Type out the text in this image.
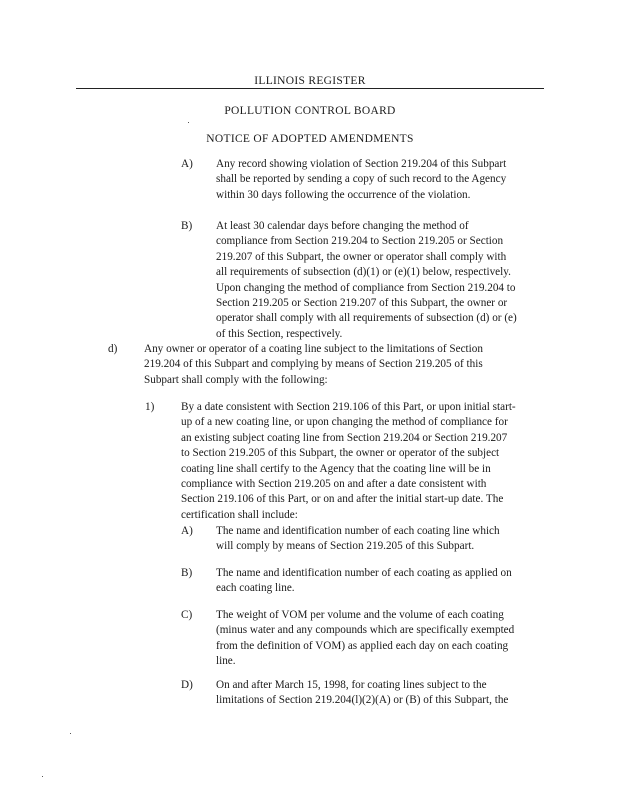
ILLINOIS REGISTER
POLLUTION CONTROL BOARD
NOTICE OF ADOPTED AMENDMENTS
A) Any record showing violation of Section 219.204 of this Subpart
shall be reported by sending a copy of such record to the Agency
within 30 days following the occurrence of the violation.
B) At least 30 calendar days before changing the method of
compliance from Section 219.204 to Section 219.205 or Section
219.207 of this Subpart, the owner or operator shall comply with
all requirements of subsection (d)(1) or (e)(1) below, respectively.
Upon changing the method of compliance from Section 219.204 to
Section 219.205 or Section 219.207 of this Subpart, the owner or
operator shall comply with all requirements of subsection (d) or (e)
of this Section, respectively.
d) Any owner or operator of a coating line subject to the limitations of Section
219.204 of this Subpart and complying by means of Section 219.205 of this
Subpart shall comply with the following:
1) By a date consistent with Section 219.106 of this Part, or upon initial start-
up of a new coating line, or upon changing the method of compliance for
an existing subject coating line from Section 219.204 or Section 219.207
to Section 219.205 of this Subpart, the owner or operator of the subject
coating line shall certify to the Agency that the coating line will be in
compliance with Section 219.205 on and after a date consistent with
Section 219.106 of this Part, or on and after the initial start-up date. The
certification shall include:
A) The name and identification number of each coating line which
will comply by means of Section 219.205 of this Subpart.
B) The name and identification number of each coating as applied on
each coating line.
C) The weight of VOM per volume and the volume of each coating
(minus water and any compounds which are specifically exempted
from the definition of VOM) as applied each day on each coating
line.
D) On and after March 15, 1998, for coating lines subject to the
limitations of Section 219.204(l)(2)(A) or (B) of this Subpart, the
